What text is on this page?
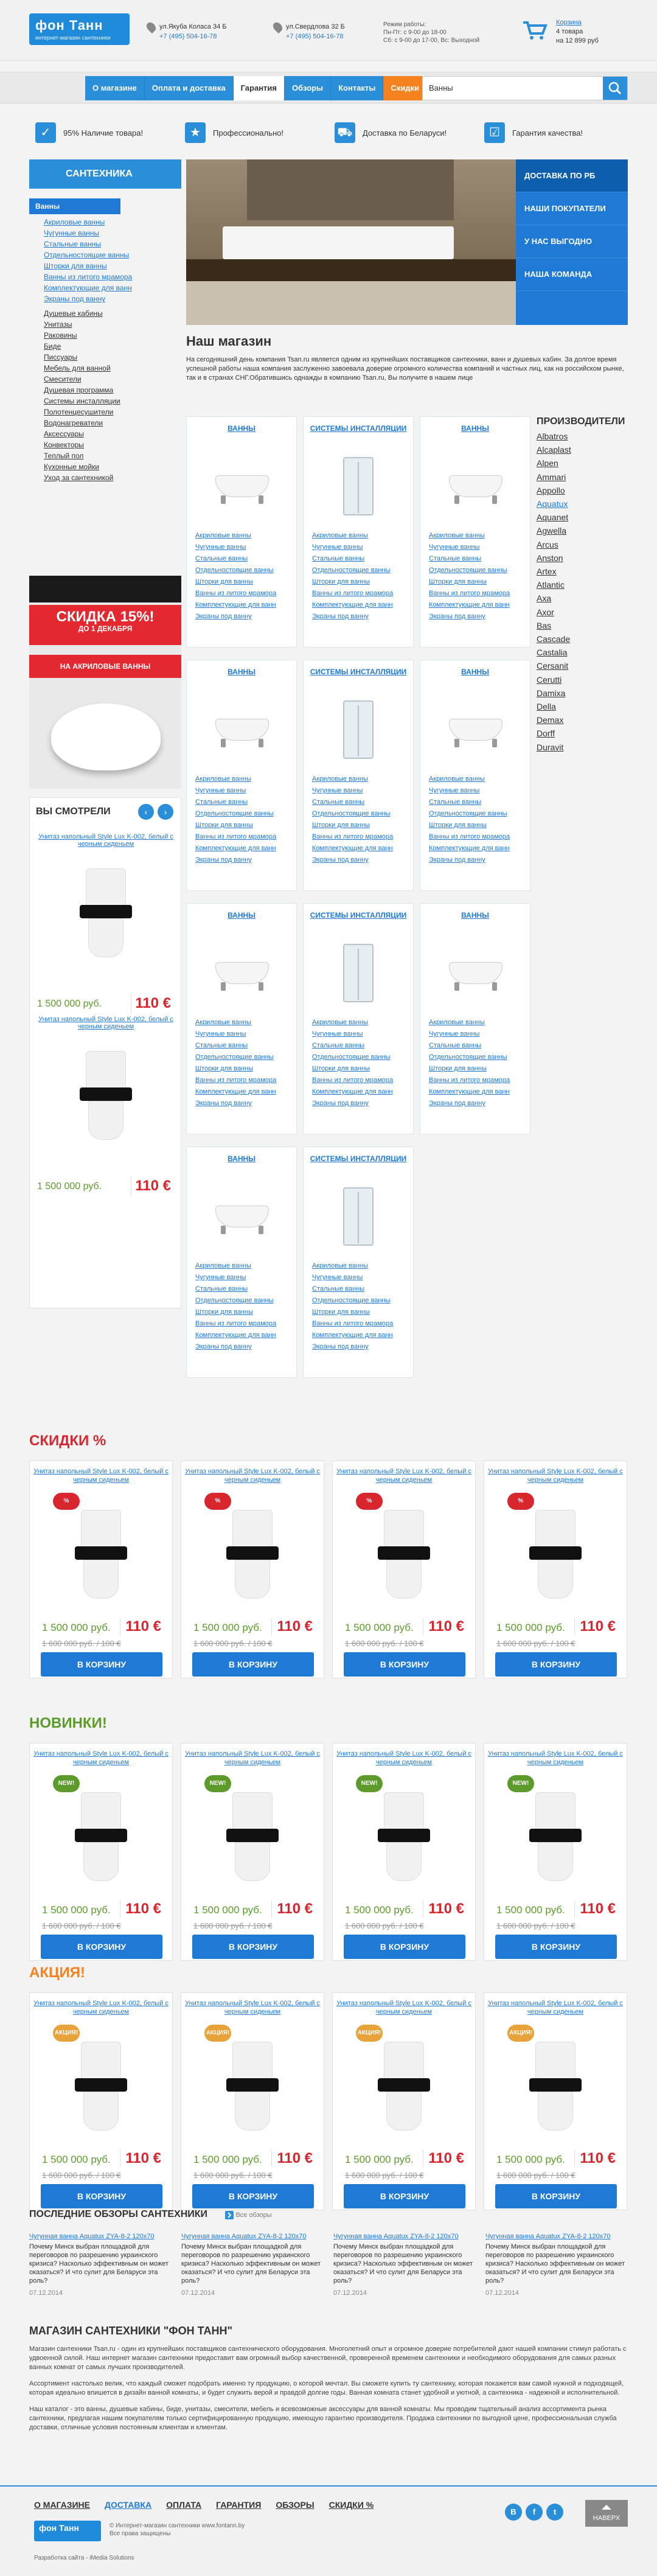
фон Танн
интернет-магазин сантехники
ул.Якуба Коласа 34 Б
+7 (495) 504-16-78
ул.Свердлова 32 Б
+7 (495) 504-16-78
Режим работы:
Пн-Пт: с 9-00 до 18-00
Сб: с 9-00 до 17-00, Вс: Выходной
Корзина
4 товара
на 12 899 руб
О магазине	Оплата и доставка	Гарантия	Обзоры	Контакты	Скидки	Ванны
✓	95% Наличие товара!	★	Профессионально!	⛟	Доставка по Беларуси!	☑	Гарантия качества!
САНТЕХНИКА
Ванны
Акриловые ванны
Чугунные ванны
Стальные ванны
Отдельностоящие ванны
Шторки для ванны
Ванны из литого мрамора
Комплектующие для ванн
Экраны под ванну
Душевые кабины
Унитазы
Раковины
Биде
Писсуары
Мебель для ванной
Смесители
Душевая программа
Системы инсталляции
Полотенцесушители
Водонагреватели
Аксессуары
Конвекторы
Теплый пол
Кухонные мойки
Уход за сантехникой
СКИДКА 15%!
ДО 1 ДЕКАБРЯ
НА АКРИЛОВЫЕ ВАННЫ
ВЫ СМОТРЕЛИ	‹	›
Унитаз напольный Style Lux K-002, белый с черным сиденьем
1 500 000 руб. 110 €
Унитаз напольный Style Lux K-002, белый с черным сиденьем
1 500 000 руб. 110 €
ДОСТАВКА ПО РБ
НАШИ ПОКУПАТЕЛИ
У НАС ВЫГОДНО
НАША КОМАНДА
Наш магазин
На сегодняшний день компания Tsan.ru является одним из крупнейших поставщиков сантехники, ванн и душевых кабин. За долгое время успешной работы наша компания заслуженно завоевала доверие огромного количества компаний и частных лиц, как на российском рынке, так и в странах СНГ.Обратившись однажды в компанию Tsan.ru, Вы получите в нашем лице
ВАННЫ
Акриловые ванны
Чугунные ванны
Стальные ванны
Отдельностоящие ванны
Шторки для ванны
Ванны из литого мрамора
Комплектующие для ванн
Экраны под ванну
СИСТЕМЫ ИНСТАЛЛЯЦИИ
Акриловые ванны
Чугунные ванны
Стальные ванны
Отдельностоящие ванны
Шторки для ванны
Ванны из литого мрамора
Комплектующие для ванн
Экраны под ванну
ВАННЫ
Акриловые ванны
Чугунные ванны
Стальные ванны
Отдельностоящие ванны
Шторки для ванны
Ванны из литого мрамора
Комплектующие для ванн
Экраны под ванну
ВАННЫ
Акриловые ванны
Чугунные ванны
Стальные ванны
Отдельностоящие ванны
Шторки для ванны
Ванны из литого мрамора
Комплектующие для ванн
Экраны под ванну
СИСТЕМЫ ИНСТАЛЛЯЦИИ
Акриловые ванны
Чугунные ванны
Стальные ванны
Отдельностоящие ванны
Шторки для ванны
Ванны из литого мрамора
Комплектующие для ванн
Экраны под ванну
ВАННЫ
Акриловые ванны
Чугунные ванны
Стальные ванны
Отдельностоящие ванны
Шторки для ванны
Ванны из литого мрамора
Комплектующие для ванн
Экраны под ванну
ВАННЫ
Акриловые ванны
Чугунные ванны
Стальные ванны
Отдельностоящие ванны
Шторки для ванны
Ванны из литого мрамора
Комплектующие для ванн
Экраны под ванну
СИСТЕМЫ ИНСТАЛЛЯЦИИ
Акриловые ванны
Чугунные ванны
Стальные ванны
Отдельностоящие ванны
Шторки для ванны
Ванны из литого мрамора
Комплектующие для ванн
Экраны под ванну
ВАННЫ
Акриловые ванны
Чугунные ванны
Стальные ванны
Отдельностоящие ванны
Шторки для ванны
Ванны из литого мрамора
Комплектующие для ванн
Экраны под ванну
ВАННЫ
Акриловые ванны
Чугунные ванны
Стальные ванны
Отдельностоящие ванны
Шторки для ванны
Ванны из литого мрамора
Комплектующие для ванн
Экраны под ванну
СИСТЕМЫ ИНСТАЛЛЯЦИИ
Акриловые ванны
Чугунные ванны
Стальные ванны
Отдельностоящие ванны
Шторки для ванны
Ванны из литого мрамора
Комплектующие для ванн
Экраны под ванну
ПРОИЗВОДИТЕЛИ
Albatros
Alcaplast
Alpen
Ammari
Appollo
Aquatux
Aquanet
Agwella
Arcus
Anston
Artex
Atlantic
Axa
Axor
Bas
Cascade
Castalia
Cersanit
Cerutti
Damixa
Della
Demax
Dorff
Duravit
СКИДКИ %
Унитаз напольный Style Lux K-002, белый с черным сиденьем
%
1 500 000 руб.	110 €
1 600 000 руб. / 100 €
В КОРЗИНУ
Унитаз напольный Style Lux K-002, белый с черным сиденьем
%
1 500 000 руб.	110 €
1 600 000 руб. / 100 €
В КОРЗИНУ
Унитаз напольный Style Lux K-002, белый с черным сиденьем
%
1 500 000 руб.	110 €
1 600 000 руб. / 100 €
В КОРЗИНУ
Унитаз напольный Style Lux K-002, белый с черным сиденьем
%
1 500 000 руб.	110 €
1 600 000 руб. / 100 €
В КОРЗИНУ
НОВИНКИ!
Унитаз напольный Style Lux K-002, белый с черным сиденьем
NEW!
1 500 000 руб.	110 €
1 600 000 руб. / 100 €
В КОРЗИНУ
Унитаз напольный Style Lux K-002, белый с черным сиденьем
NEW!
1 500 000 руб.	110 €
1 600 000 руб. / 100 €
В КОРЗИНУ
Унитаз напольный Style Lux K-002, белый с черным сиденьем
NEW!
1 500 000 руб.	110 €
1 600 000 руб. / 100 €
В КОРЗИНУ
Унитаз напольный Style Lux K-002, белый с черным сиденьем
NEW!
1 500 000 руб.	110 €
1 600 000 руб. / 100 €
В КОРЗИНУ
АКЦИЯ!
Унитаз напольный Style Lux K-002, белый с черным сиденьем
АКЦИЯ!
1 500 000 руб.	110 €
1 600 000 руб. / 100 €
В КОРЗИНУ
Унитаз напольный Style Lux K-002, белый с черным сиденьем
АКЦИЯ!
1 500 000 руб.	110 €
1 600 000 руб. / 100 €
В КОРЗИНУ
Унитаз напольный Style Lux K-002, белый с черным сиденьем
АКЦИЯ!
1 500 000 руб.	110 €
1 600 000 руб. / 100 €
В КОРЗИНУ
Унитаз напольный Style Lux K-002, белый с черным сиденьем
АКЦИЯ!
1 500 000 руб.	110 €
1 600 000 руб. / 100 €
В КОРЗИНУ
ПОСЛЕДНИЕ ОБЗОРЫ САНТЕХНИКИ	Все обзоры
Чугунная ванна Aquatux ZYA-8-2 120x70
Почему Минск выбран площадкой для переговоров по разрешению украинского кризиса? Насколько эффективным он может оказаться? И что сулит для Беларуси эта роль?
07.12.2014
Чугунная ванна Aquatux ZYA-8-2 120x70
Почему Минск выбран площадкой для переговоров по разрешению украинского кризиса? Насколько эффективным он может оказаться? И что сулит для Беларуси эта роль?
07.12.2014
Чугунная ванна Aquatux ZYA-8-2 120x70
Почему Минск выбран площадкой для переговоров по разрешению украинского кризиса? Насколько эффективным он может оказаться? И что сулит для Беларуси эта роль?
07.12.2014
Чугунная ванна Aquatux ZYA-8-2 120x70
Почему Минск выбран площадкой для переговоров по разрешению украинского кризиса? Насколько эффективным он может оказаться? И что сулит для Беларуси эта роль?
07.12.2014
МАГАЗИН САНТЕХНИКИ "ФОН ТАНН"

Магазин сантехники Tsan.ru - один из крупнейших поставщиков сантехнического оборудования. Многолетний опыт и огромное доверие потребителей дают нашей компании стимул работать с удвоенной силой. Наш интернет магазин сантехники предоставит вам огромный выбор качественной, проверенной временем сантехники и необходимого оборудования для самых разных ванных комнат от самых лучших производителей.

Ассортимент настолько велик, что каждый сможет подобрать именно ту продукцию, о которой мечтал. Вы сможете купить ту сантехнику, которая покажется вам самой нужной и подходящей, которая идеально впишется в дизайн ванной комнаты, и будет служить верой и правдой долгие годы. Ванная комната станет удобной и уютной, а сантехника - надежной и исполнительной.

Наш каталог - это ванны, душевые кабины, биде, унитазы, смесители, мебель и всевозможные аксессуары для ванной комнаты. Мы проводим тщательный анализ ассортимента рынка сантехники, предлагая нашим покупателям только сертифицированную продукцию, имеющую гарантию производителя. Продажа сантехники по выгодной цене, профессиональная служба доставки, отличные условия постоянным клиентам и клиентам.

О МАГАЗИНЕ ДОСТАВКА ОПЛАТА ГАРАНТИЯ ОБЗОРЫ СКИДКИ %
фон Танн	© Интернет-магазин сантехники www.fontann.by
Все права защищены
Разработка сайта - iMedia Solutions
В	f	t
НАВЕРХ
